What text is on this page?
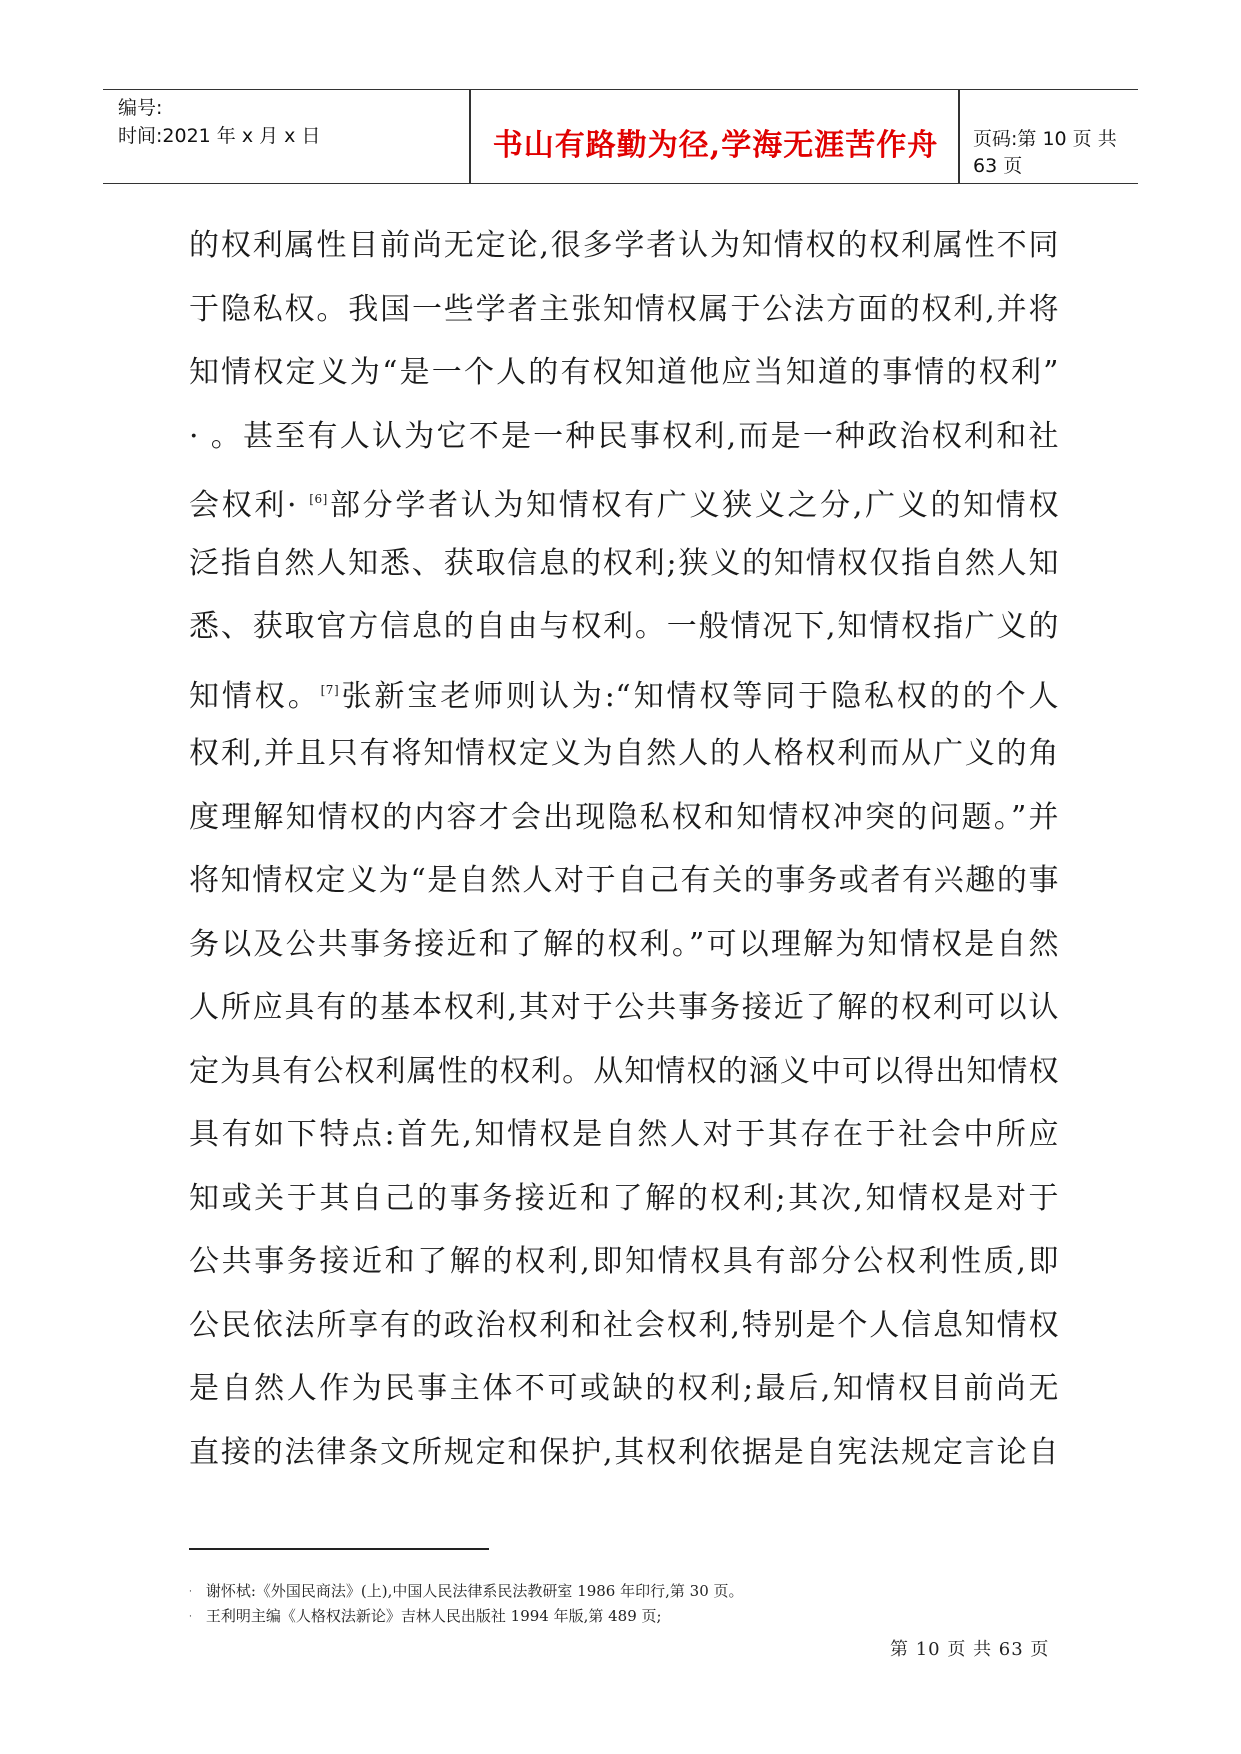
编号:
时间:2021 年 x 月 x 日	书山有路勤为径,学海无涯苦作舟	页码:第 10 页 共 63 页
的权利属性目前尚无定论,很多学者认为知情权的权利属性不同
于隐私权。我国一些学者主张知情权属于公法方面的权利,并将
知情权定义为“是一个人的有权知道他应当知道的事情的权利”
· 。甚至有人认为它不是一种民事权利,而是一种政治权利和社
会权利· [6]部分学者认为知情权有广义狭义之分,广义的知情权
泛指自然人知悉、获取信息的权利;狭义的知情权仅指自然人知
悉、获取官方信息的自由与权利。一般情况下,知情权指广义的
知情权。[7]张新宝老师则认为:“知情权等同于隐私权的的个人
权利,并且只有将知情权定义为自然人的人格权利而从广义的角
度理解知情权的内容才会出现隐私权和知情权冲突的问题。”并
将知情权定义为“是自然人对于自己有关的事务或者有兴趣的事
务以及公共事务接近和了解的权利。”可以理解为知情权是自然
人所应具有的基本权利,其对于公共事务接近了解的权利可以认
定为具有公权利属性的权利。从知情权的涵义中可以得出知情权
具有如下特点:首先,知情权是自然人对于其存在于社会中所应
知或关于其自己的事务接近和了解的权利;其次,知情权是对于
公共事务接近和了解的权利,即知情权具有部分公权利性质,即
公民依法所享有的政治权利和社会权利,特别是个人信息知情权
是自然人作为民事主体不可或缺的权利;最后,知情权目前尚无
直接的法律条文所规定和保护,其权利依据是自宪法规定言论自
· 谢怀栻:《外国民商法》(上),中国人民法律系民法教研室 1986 年印行,第 30 页。
· 王利明主编《人格权法新论》吉林人民出版社 1994 年版,第 489 页;
第 10 页 共 63 页
